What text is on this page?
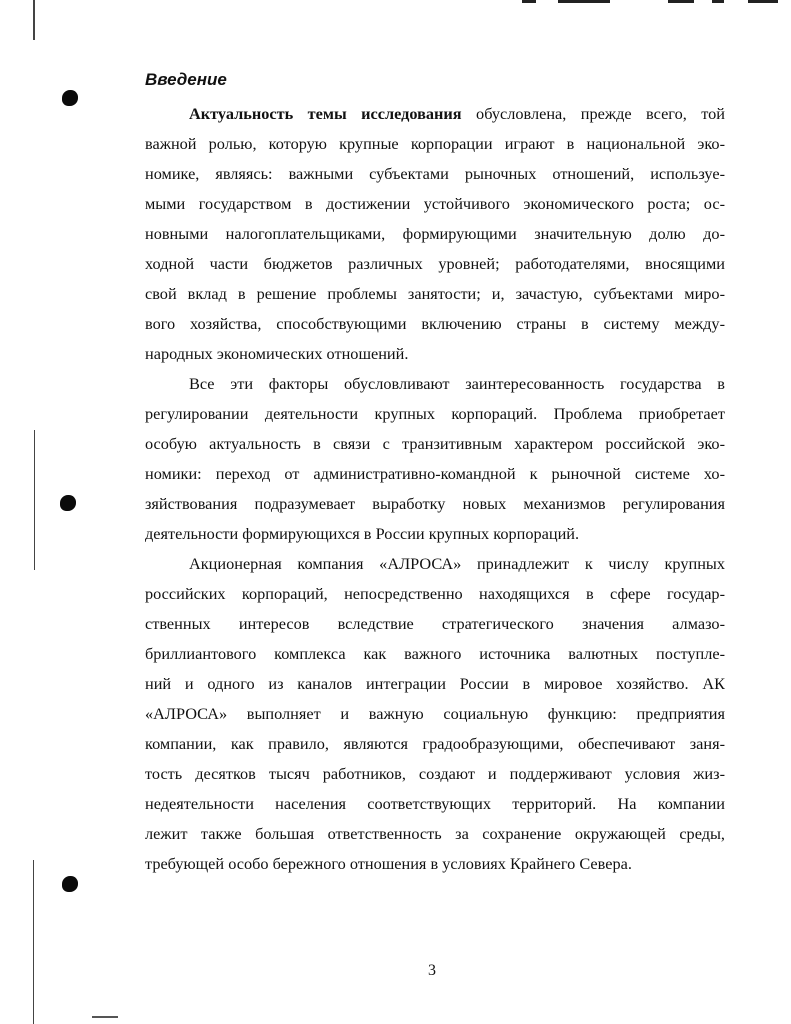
Введение
Актуальность темы исследования обусловлена, прежде всего, той
важной ролью, которую крупные корпорации играют в национальной эко-
номике, являясь: важными субъектами рыночных отношений, используе-
мыми государством в достижении устойчивого экономического роста; ос-
новными налогоплательщиками, формирующими значительную долю до-
ходной части бюджетов различных уровней; работодателями, вносящими
свой вклад в решение проблемы занятости; и, зачастую, субъектами миро-
вого хозяйства, способствующими включению страны в систему между-
народных экономических отношений.
Все эти факторы обусловливают заинтересованность государства в
регулировании деятельности крупных корпораций. Проблема приобретает
особую актуальность в связи с транзитивным характером российской эко-
номики: переход от административно-командной к рыночной системе хо-
зяйствования подразумевает выработку новых механизмов регулирования
деятельности формирующихся в России крупных корпораций.
Акционерная компания «АЛРОСА» принадлежит к числу крупных
российских корпораций, непосредственно находящихся в сфере государ-
ственных интересов вследствие стратегического значения алмазо-
бриллиантового комплекса как важного источника валютных поступле-
ний и одного из каналов интеграции России в мировое хозяйство. АК
«АЛРОСА» выполняет и важную социальную функцию: предприятия
компании, как правило, являются градообразующими, обеспечивают заня-
тость десятков тысяч работников, создают и поддерживают условия жиз-
недеятельности населения соответствующих территорий. На компании
лежит также большая ответственность за сохранение окружающей среды,
требующей особо бережного отношения в условиях Крайнего Севера.
3
